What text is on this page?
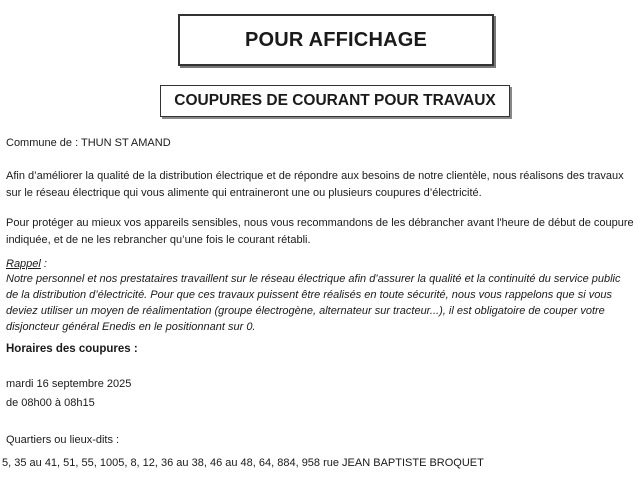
POUR AFFICHAGE
COUPURES DE COURANT POUR TRAVAUX
Commune de : THUN ST AMAND
Afin d’améliorer la qualité de la distribution électrique et de répondre aux besoins de notre clientèle, nous réalisons des travaux
sur le réseau électrique qui vous alimente qui entraineront une ou plusieurs coupures d’électricité.
Pour protéger au mieux vos appareils sensibles, nous vous recommandons de les débrancher avant l'heure de début de coupure
indiquée, et de ne les rebrancher qu’une fois le courant rétabli.
Rappel :
Notre personnel et nos prestataires travaillent sur le réseau électrique afin d’assurer la qualité et la continuité du service public
de la distribution d’électricité. Pour que ces travaux puissent être réalisés en toute sécurité, nous vous rappelons que si vous
deviez utiliser un moyen de réalimentation (groupe électrogène, alternateur sur tracteur...), il est obligatoire de couper votre
disjoncteur général Enedis en le positionnant sur 0.
Horaires des coupures :
mardi 16 septembre 2025
de 08h00 à 08h15
Quartiers ou lieux-dits :
5, 35 au 41, 51, 55, 1005, 8, 12, 36 au 38, 46 au 48, 64, 884, 958 rue JEAN BAPTISTE BROQUET
